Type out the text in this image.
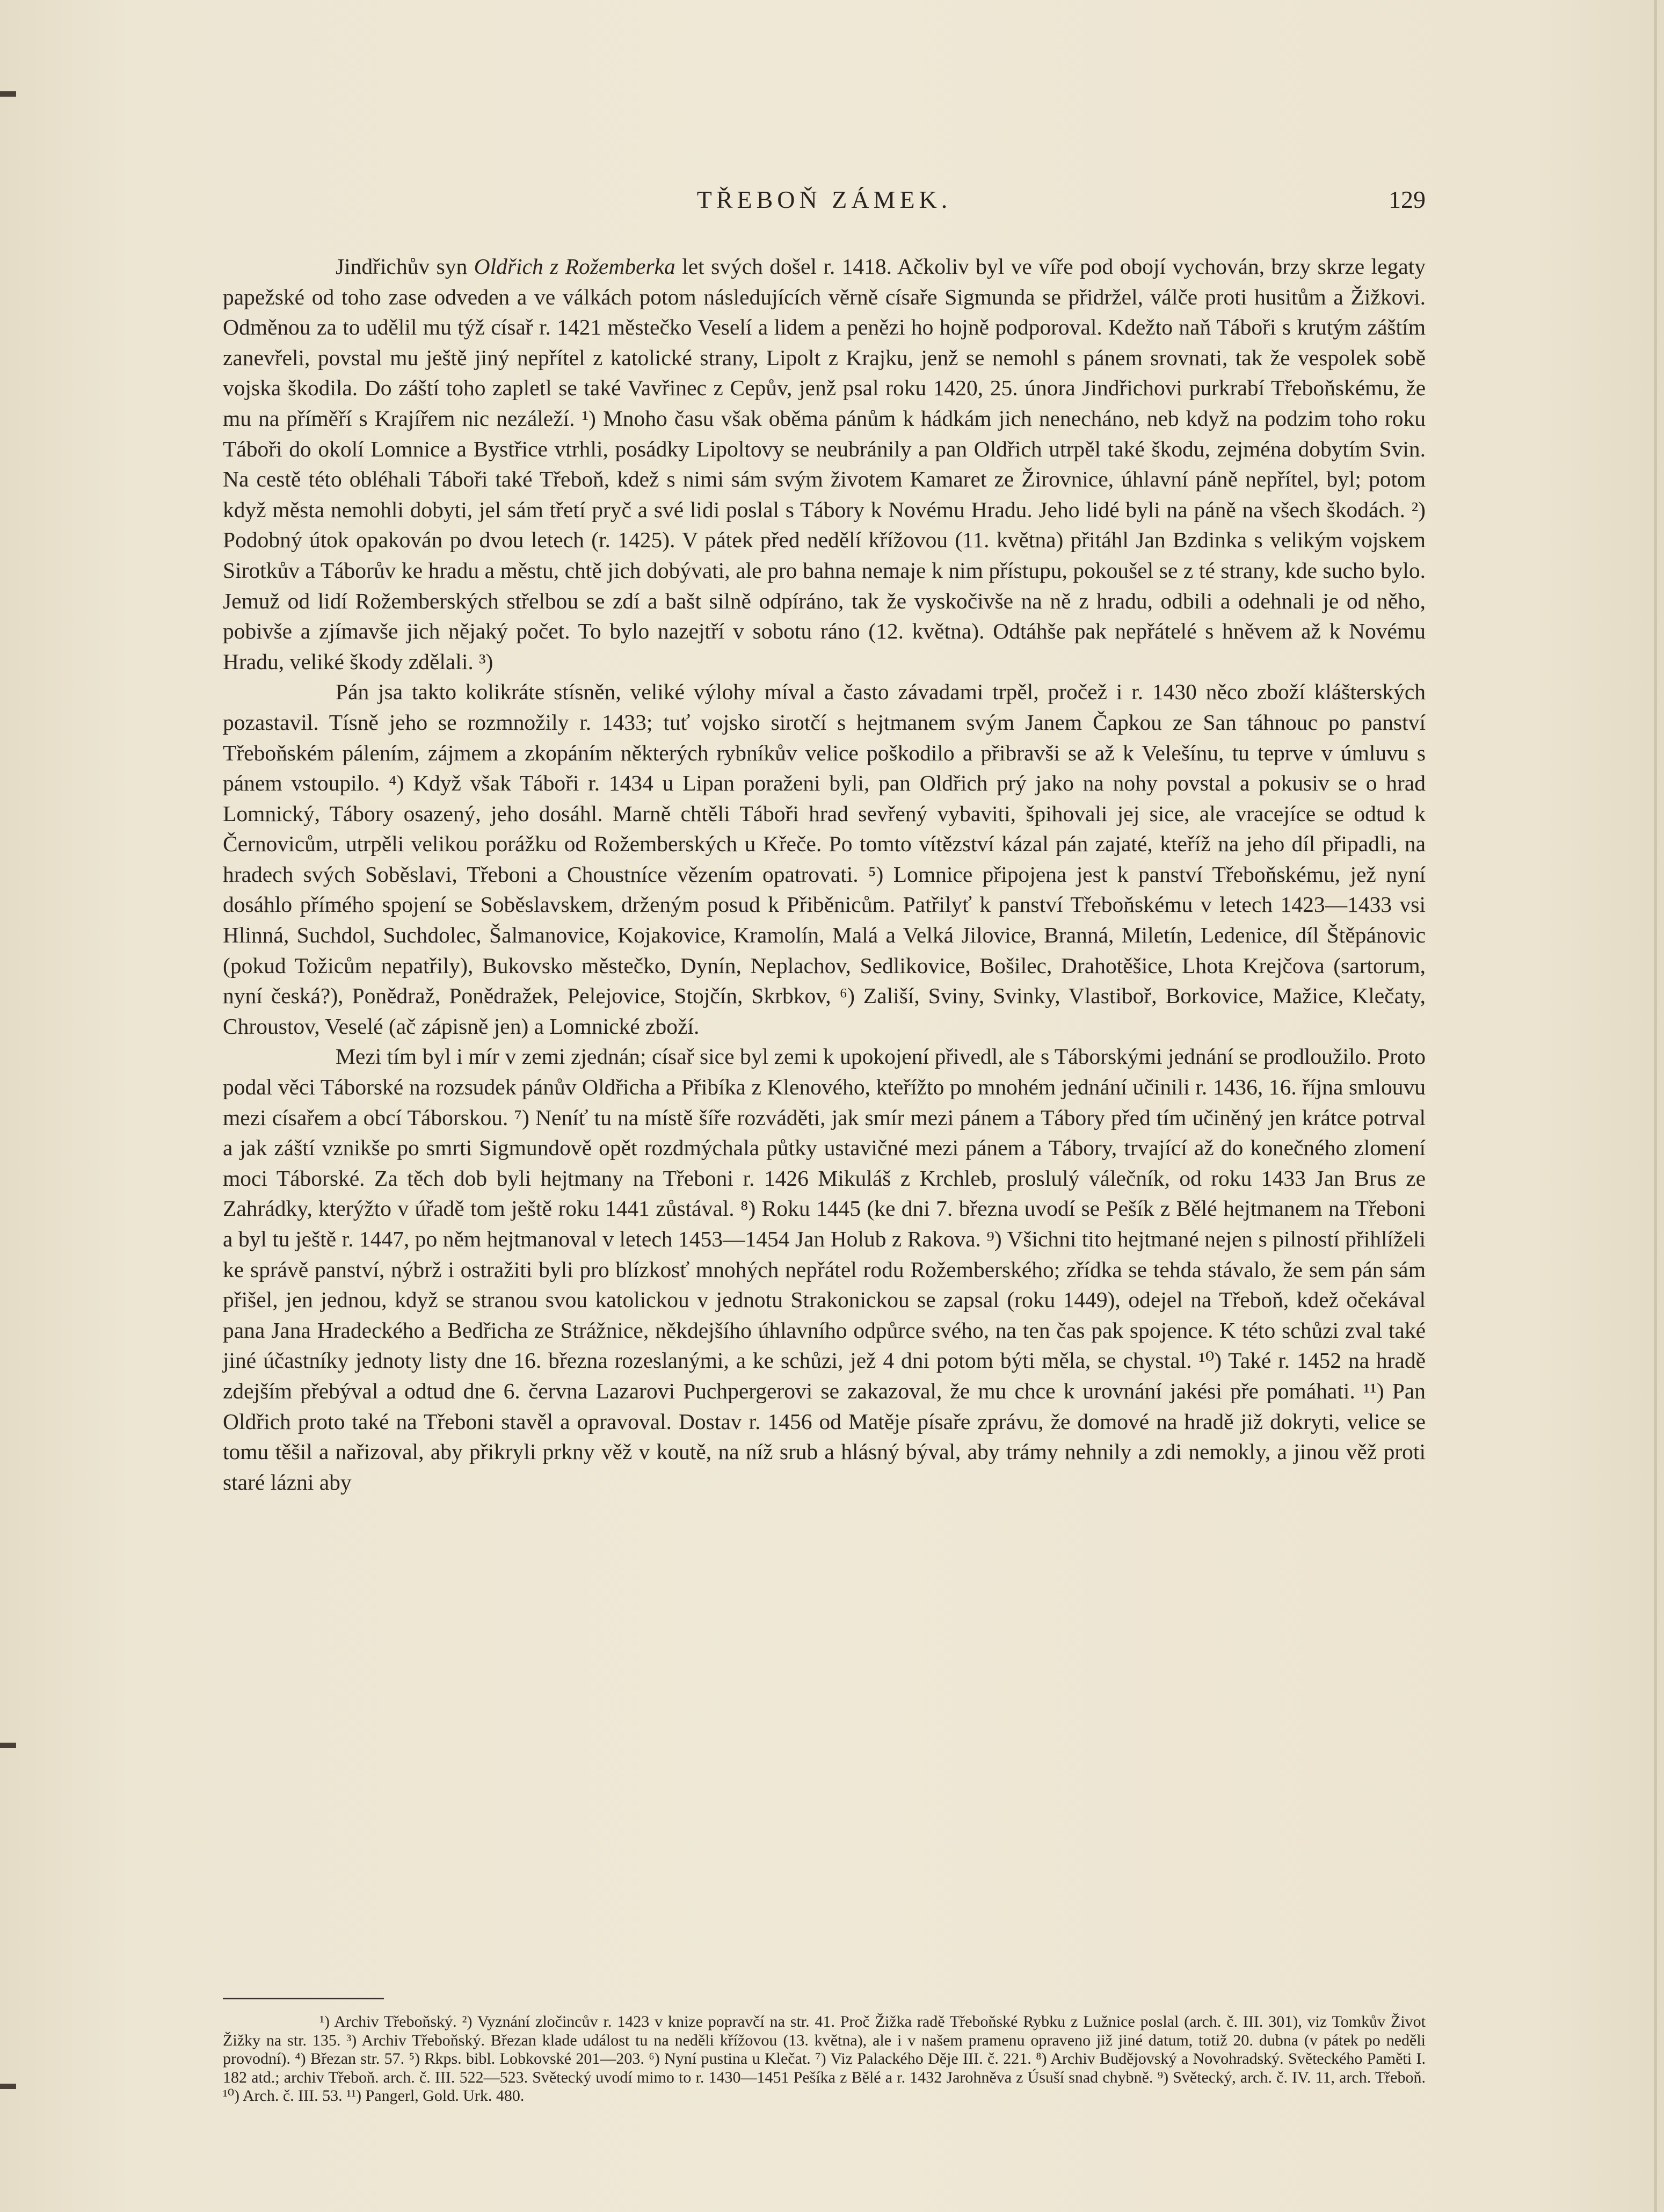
TŘEBOŇ ZÁMEK.	129

Jindřichův syn Oldřich z Rožemberka let svých došel r. 1418. Ačkoliv byl ve víře pod obojí vychován, brzy skrze legaty papežské od toho zase odveden a ve válkách potom následujících věrně císaře Sigmunda se přidržel, válče proti husitům a Žižkovi. Odměnou za to udělil mu týž císař r. 1421 městečko Veselí a lidem a penězi ho hojně podporoval. Kdežto naň Táboři s krutým záštím zanevřeli, povstal mu ještě jiný nepřítel z katolické strany, Lipolt z Krajku, jenž se nemohl s pánem srovnati, tak že vespolek sobě vojska škodila. Do záští toho zapletl se také Vavřinec z Cepův, jenž psal roku 1420, 25. února Jindřichovi purkrabí Třeboňskému, že mu na příměří s Krajířem nic nezáleží. ¹) Mnoho času však oběma pánům k hádkám jich nenecháno, neb když na podzim toho roku Táboři do okolí Lomnice a Bystřice vtrhli, posádky Lipoltovy se neubránily a pan Oldřich utrpěl také škodu, zejména dobytím Svin. Na cestě této obléhali Táboři také Třeboň, kdež s nimi sám svým životem Kamaret ze Žirovnice, úhlavní páně nepřítel, byl; potom když města nemohli dobyti, jel sám třetí pryč a své lidi poslal s Tábory k Novému Hradu. Jeho lidé byli na páně na všech škodách. ²) Podobný útok opakován po dvou letech (r. 1425). V pátek před nedělí křížovou (11. května) přitáhl Jan Bzdinka s velikým vojskem Sirotkův a Táborův ke hradu a městu, chtě jich dobývati, ale pro bahna nemaje k nim přístupu, pokoušel se z té strany, kde sucho bylo. Jemuž od lidí Rožemberských střelbou se zdí a bašt silně odpíráno, tak že vyskočivše na ně z hradu, odbili a odehnali je od něho, pobivše a zjímavše jich nějaký počet. To bylo nazejtří v sobotu ráno (12. května). Odtáhše pak nepřátelé s hněvem až k Novému Hradu, veliké škody zdělali. ³)

Pán jsa takto kolikráte stísněn, veliké výlohy míval a často závadami trpěl, pročež i r. 1430 něco zboží klášterských pozastavil. Tísně jeho se rozmnožily r. 1433; tuť vojsko sirotčí s hejtmanem svým Janem Čapkou ze San táhnouc po panství Třeboňském pálením, zájmem a zkopáním některých rybníkův velice poškodilo a přibravši se až k Velešínu, tu teprve v úmluvu s pánem vstoupilo. ⁴) Když však Táboři r. 1434 u Lipan poraženi byli, pan Oldřich prý jako na nohy povstal a pokusiv se o hrad Lomnický, Tábory osazený, jeho dosáhl. Marně chtěli Táboři hrad sevřený vybaviti, špihovali jej sice, ale vracejíce se odtud k Černovicům, utrpěli velikou porážku od Rožemberských u Křeče. Po tomto vítězství kázal pán zajaté, kteříž na jeho díl připadli, na hradech svých Soběslavi, Třeboni a Choustníce vězením opatrovati. ⁵) Lomnice připojena jest k panství Třeboňskému, jež nyní dosáhlo přímého spojení se Soběslavskem, drženým posud k Přiběnicům. Patřilyť k panství Třeboňskému v letech 1423—1433 vsi Hlinná, Suchdol, Suchdolec, Šalmanovice, Kojakovice, Kramolín, Malá a Velká Jilovice, Branná, Miletín, Ledenice, díl Štěpánovic (pokud Tožicům nepatřily), Bukovsko městečko, Dynín, Neplachov, Sedlikovice, Bošilec, Drahotěšice, Lhota Krejčova (sartorum, nyní česká?), Ponědraž, Ponědražek, Pelejovice, Stojčín, Skrbkov, ⁶) Zališí, Sviny, Svinky, Vlastiboř, Borkovice, Mažice, Klečaty, Chroustov, Veselé (ač zápisně jen) a Lomnické zboží.

Mezi tím byl i mír v zemi zjednán; císař sice byl zemi k upokojení přivedl, ale s Táborskými jednání se prodloužilo. Proto podal věci Táborské na rozsudek pánův Oldřicha a Přibíka z Klenového, kteřížto po mnohém jednání učinili r. 1436, 16. října smlouvu mezi císařem a obcí Táborskou. ⁷) Neníť tu na místě šíře rozváděti, jak smír mezi pánem a Tábory před tím učiněný jen krátce potrval a jak záští vznikše po smrti Sigmundově opět rozdmýchala půtky ustavičné mezi pánem a Tábory, trvající až do konečného zlomení moci Táborské. Za těch dob byli hejtmany na Třeboni r. 1426 Mikuláš z Krchleb, proslulý válečník, od roku 1433 Jan Brus ze Zahrádky, kterýžto v úřadě tom ještě roku 1441 zůstával. ⁸) Roku 1445 (ke dni 7. března uvodí se Pešík z Bělé hejtmanem na Třeboni a byl tu ještě r. 1447, po něm hejtmanoval v letech 1453—1454 Jan Holub z Rakova. ⁹) Všichni tito hejtmané nejen s pilností přihlíželi ke správě panství, nýbrž i ostražiti byli pro blízkosť mnohých nepřátel rodu Rožemberského; zřídka se tehda stávalo, že sem pán sám přišel, jen jednou, když se stranou svou katolickou v jednotu Strakonickou se zapsal (roku 1449), odejel na Třeboň, kdež očekával pana Jana Hradeckého a Bedřicha ze Strážnice, někdejšího úhlavního odpůrce svého, na ten čas pak spojence. K této schůzi zval také jiné účastníky jednoty listy dne 16. března rozeslanými, a ke schůzi, jež 4 dni potom býti měla, se chystal. ¹⁰) Také r. 1452 na hradě zdejším přebýval a odtud dne 6. června Lazarovi Puchpergerovi se zakazoval, že mu chce k urovnání jakési pře pomáhati. ¹¹) Pan Oldřich proto také na Třeboni stavěl a opravoval. Dostav r. 1456 od Matěje písaře zprávu, že domové na hradě již dokryti, velice se tomu těšil a nařizoval, aby přikryli prkny věž v koutě, na níž srub a hlásný býval, aby trámy nehnily a zdi nemokly, a jinou věž proti staré lázni aby

¹) Archiv Třeboňský. ²) Vyznání zločincův r. 1423 v knize popravčí na str. 41. Proč Žižka radě Třeboňské Rybku z Lužnice poslal (arch. č. III. 301), viz Tomkův Život Žižky na str. 135. ³) Archiv Třeboňský. Březan klade událost tu na neděli křížovou (13. května), ale i v našem pramenu opraveno již jiné datum, totiž 20. dubna (v pátek po neděli provodní). ⁴) Březan str. 57. ⁵) Rkps. bibl. Lobkovské 201—203. ⁶) Nyní pustina u Klečat. ⁷) Viz Palackého Děje III. č. 221. ⁸) Archiv Budějovský a Novohradský. Světeckého Paměti I. 182 atd.; archiv Třeboň. arch. č. III. 522—523. Světecký uvodí mimo to r. 1430—1451 Pešíka z Bělé a r. 1432 Jarohněva z Úsuší snad chybně. ⁹) Světecký, arch. č. IV. 11, arch. Třeboň. ¹⁰) Arch. č. III. 53. ¹¹) Pangerl, Gold. Urk. 480.
